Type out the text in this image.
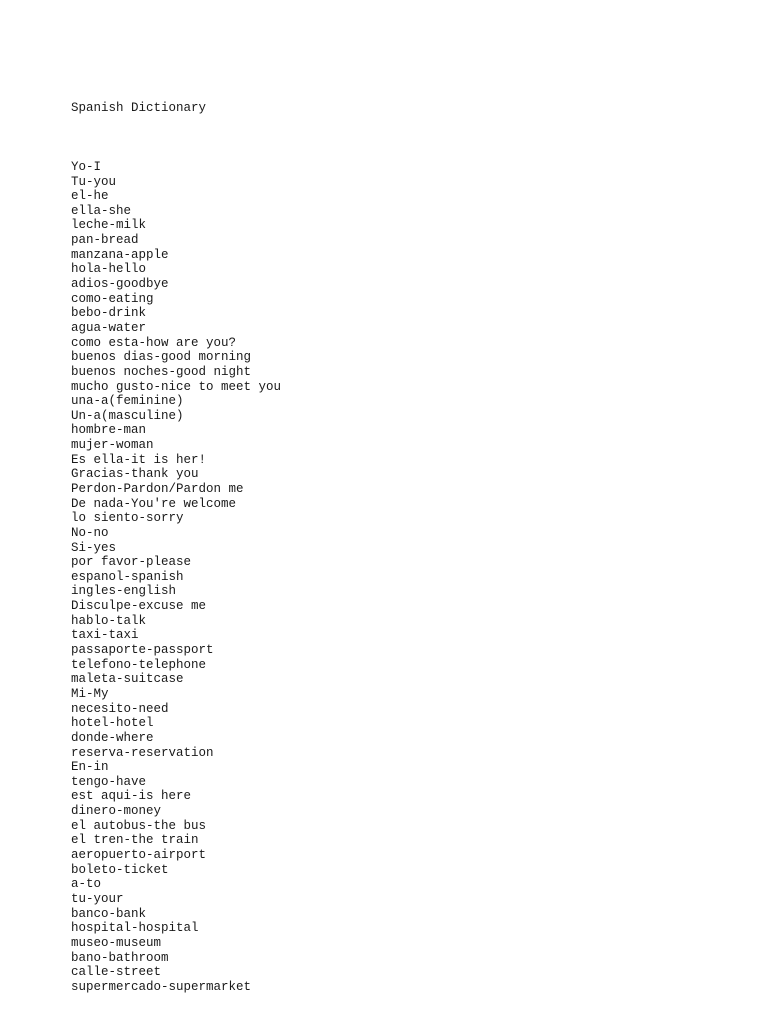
Spanish Dictionary

Yo-I
Tu-you
el-he
ella-she
leche-milk
pan-bread
manzana-apple
hola-hello
adios-goodbye
como-eating
bebo-drink
agua-water
como esta-how are you?
buenos dias-good morning
buenos noches-good night
mucho gusto-nice to meet you
una-a(feminine)
Un-a(masculine)
hombre-man
mujer-woman
Es ella-it is her!
Gracias-thank you
Perdon-Pardon/Pardon me
De nada-You're welcome
lo siento-sorry
No-no
Si-yes
por favor-please
espanol-spanish
ingles-english
Disculpe-excuse me
hablo-talk
taxi-taxi
passaporte-passport
telefono-telephone
maleta-suitcase
Mi-My
necesito-need
hotel-hotel
donde-where
reserva-reservation
En-in
tengo-have
est aqui-is here
dinero-money
el autobus-the bus
el tren-the train
aeropuerto-airport
boleto-ticket
a-to
tu-your
banco-bank
hospital-hospital
museo-museum
bano-bathroom
calle-street
supermercado-supermarket
